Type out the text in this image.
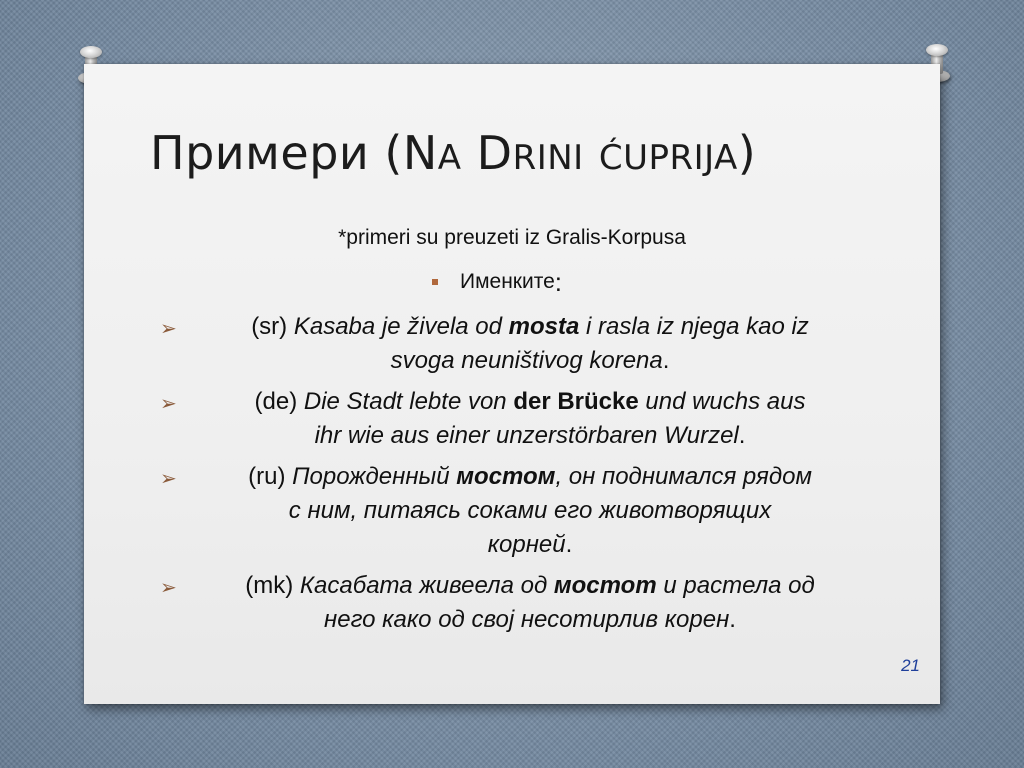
Примери (NA DRINI ĆUPRIJA)
*primeri su preuzeti iz Gralis-Korpusa
Именките :
➢	(sr) Kasaba je živela od mosta i rasla iz njega kao iz
svoga neuništivog korena.
➢	(de) Die Stadt lebte von der Brücke und wuchs aus
ihr wie aus einer unzerstörbaren Wurzel.
➢	(ru) Порожденный мостом, он поднимался рядом
с ним, питаясь соками его животворящих
корней.
➢	(mk) Касабата живеела од мостот и растела од
него како од свој несотирлив корен.
21
